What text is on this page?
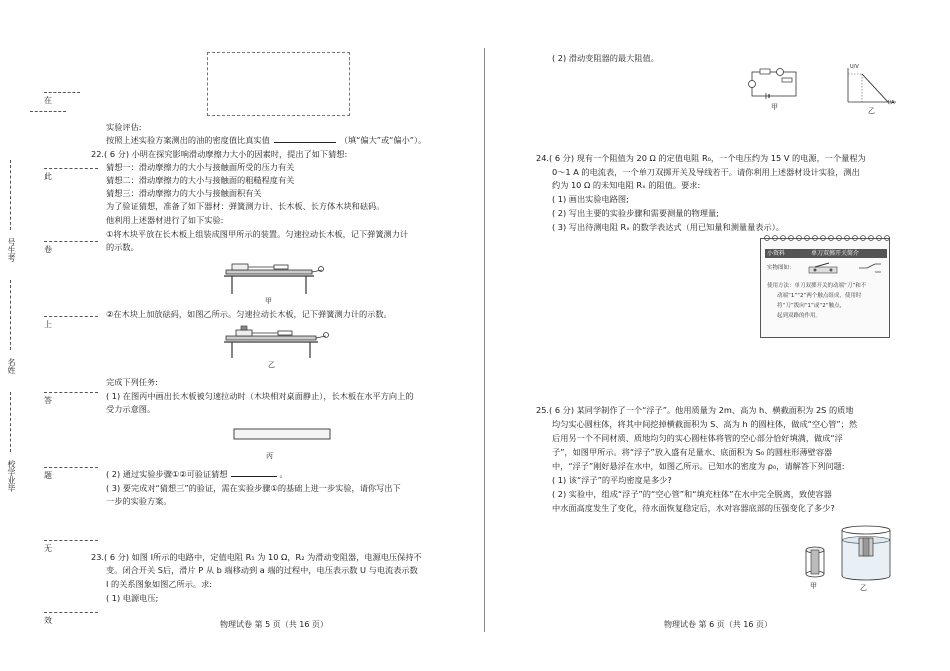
在
此
卷
上
答
题
无
效
号生考
名姓
校学业毕
实验评估:
按照上述实验方案测出的油的密度值比真实值	（填“偏大”或“偏小”）。
22.( 6 分) 小明在探究影响滑动摩擦力大小的因素时，提出了如下猜想:
猜想一：滑动摩擦力的大小与接触面所受的压力有关
猜想二：滑动摩擦力的大小与接触面的粗糙程度有关
猜想三：滑动摩擦力的大小与接触面积有关
为了验证猜想，准备了如下器材：弹簧测力计、长木板、长方体木块和砝码。
他利用上述器材进行了如下实验:
①将木块平放在长木板上组装成图甲所示的装置。匀速拉动长木板，记下弹簧测力计
的示数。
甲
②在木块上加放砝码，如图乙所示。匀速拉动长木板，记下弹簧测力计的示数。
乙
完成下列任务:
( 1) 在图丙中画出长木板被匀速拉动时（木块相对桌面静止），长木板在水平方向上的
受力示意图。
丙
( 2) 通过实验步骤①②可验证猜想	。
( 3) 要完成对“猜想三”的验证，需在实验步骤①的基础上进一步实验，请你写出下
一步的实验方案。
23.( 6 分) 如图 I所示的电路中，定值电阻 R₁ 为 10 Ω，R₂ 为滑动变阻器，电源电压保持不
变。闭合开关 S后，滑片 P 从 b 端移动到 a 端的过程中，电压表示数 U 与电流表示数
I 的关系图象如图乙所示。求:
( 1) 电源电压;
物理试卷 第 5 页（共 16 页）
( 2) 滑动变阻器的最大阻值。
甲
U/V
I/A
乙
24.( 6 分) 现有一个阻值为 20 Ω 的定值电阻 R₀，一个电压约为 15 V 的电源，一个量程为
0～1 A 的电流表，一个单刀双掷开关及导线若干。请你利用上述器材设计实验，测出
约为 10 Ω 的未知电阻 Rₓ 的阻值。要求:
( 1) 画出实验电路图;
( 2) 写出主要的实验步骤和需要测量的物理量;
( 3) 写出待测电阻 Rₓ 的数学表达式（用已知量和测量量表示）。
小资料	单刀双掷开关简介
实物图如：
使用方法：单刀双掷开关的动端“刀”和不
动端“1”“2”两个触点组成，使用时
将“刀”拨向“1”或“2”触点，
起到双路的作用。
25.( 6 分) 某同学制作了一个“浮子”。他用质量为 2m、高为 h、横截面积为 2S 的质地
均匀实心圆柱体，将其中间挖掉横截面积为 S、高为 h 的圆柱体，做成“空心管”；然
后用另一个不同材质、质地均匀的实心圆柱体将管的空心部分恰好填满，做成“浮
子”，如图甲所示。将“浮子”放入盛有足量水、底面积为 S₀ 的圆柱形薄壁容器
中，“浮子”刚好悬浮在水中，如图乙所示。已知水的密度为 ρ₀，请解答下列问题:
( 1) 该“浮子”的平均密度是多少?
( 2) 实验中，组成“浮子”的“空心管”和“填充柱体”在水中完全脱离，致使容器
中水面高度发生了变化，待水面恢复稳定后，水对容器底部的压强变化了多少?
甲	乙
物理试卷 第 6 页（共 16 页）
